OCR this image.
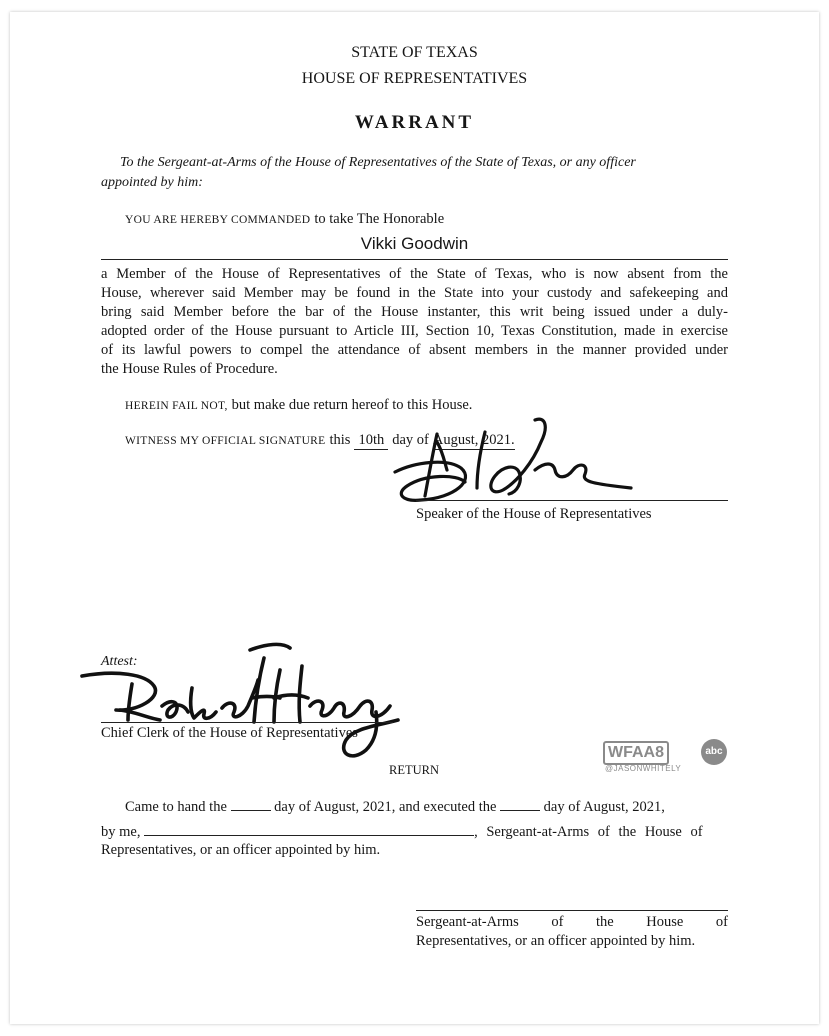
STATE OF TEXAS
HOUSE OF REPRESENTATIVES
WARRANT
To the Sergeant-at-Arms of the House of Representatives of the State of Texas, or any officer
appointed by him:
YOU ARE HEREBY COMMANDED to take The Honorable
Vikki Goodwin
a Member of the House of Representatives of the State of Texas, who is now absent from the
House, wherever said Member may be found in the State into your custody and safekeeping and
bring said Member before the bar of the House instanter, this writ being issued under a duly-
adopted order of the House pursuant to Article III, Section 10, Texas Constitution, made in exercise
of its lawful powers to compel the attendance of absent members in the manner provided under
the House Rules of Procedure.
HEREIN FAIL NOT, but make due return hereof to this House.
WITNESS MY OFFICIAL SIGNATURE this 10th day of August, 2021.
Speaker of the House of Representatives
Attest:
Chief Clerk of the House of Representatives
WFAA8	abc
@JASONWHITELY
RETURN
Came to hand the	day of August, 2021, and executed the	day of August, 2021,
by me,	, Sergeant-at-Arms of the House of
Representatives, or an officer appointed by him.
Sergeant-at-Arms of the House of
Representatives, or an officer appointed by him.
